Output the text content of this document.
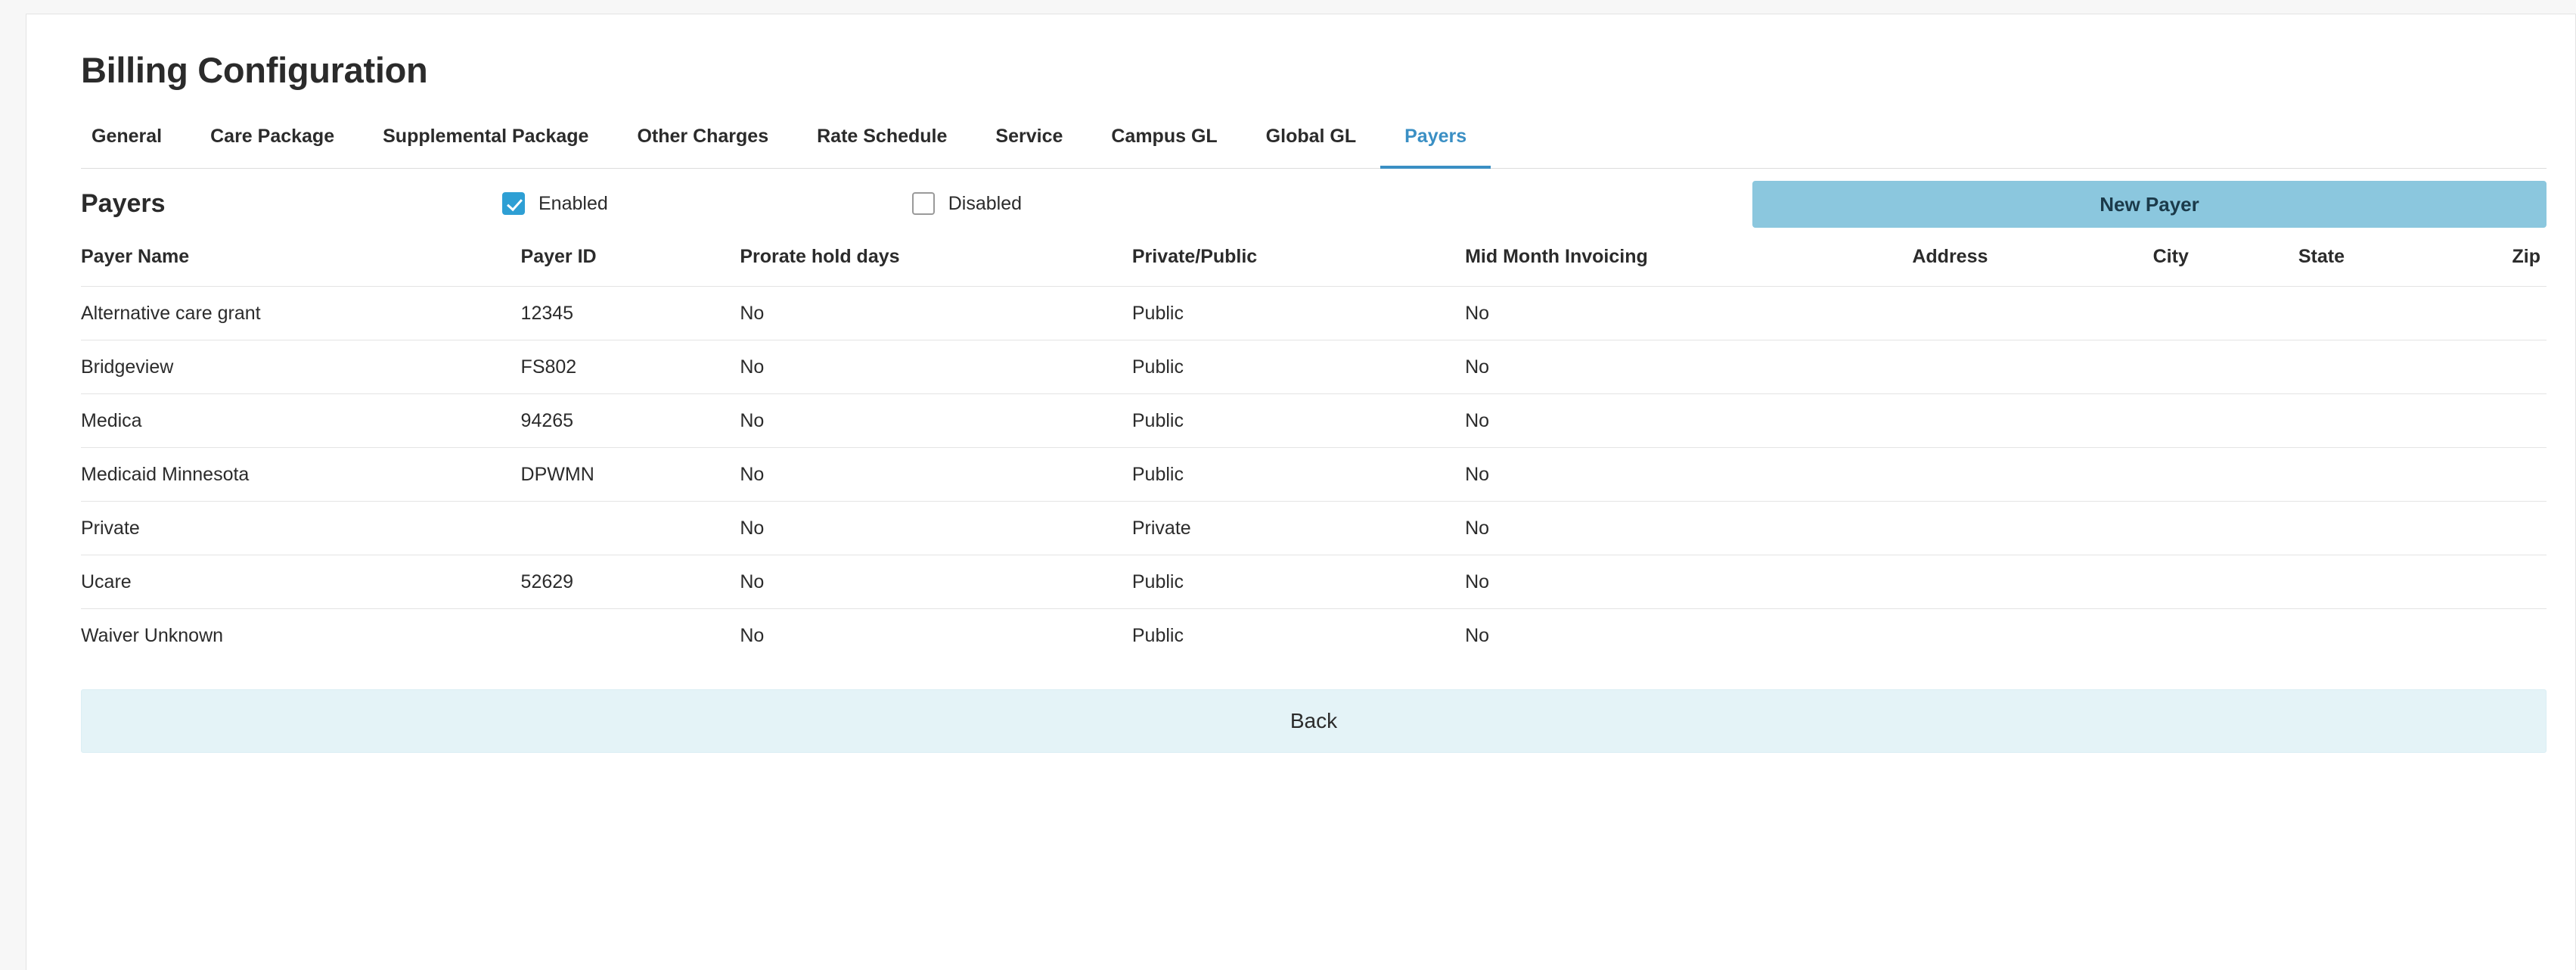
Billing Configuration
General	Care Package	Supplemental Package	Other Charges	Rate Schedule	Service	Campus GL	Global GL	Payers
Payers	Enabled	Disabled	New Payer
Payer Name	Payer ID	Prorate hold days	Private/Public	Mid Month Invoicing	Address	City	State	Zip
Alternative care grant	12345	No	Public	No				
Bridgeview	FS802	No	Public	No				
Medica	94265	No	Public	No				
Medicaid Minnesota	DPWMN	No	Public	No				
Private		No	Private	No				
Ucare	52629	No	Public	No				
Waiver Unknown		No	Public	No				
Back
